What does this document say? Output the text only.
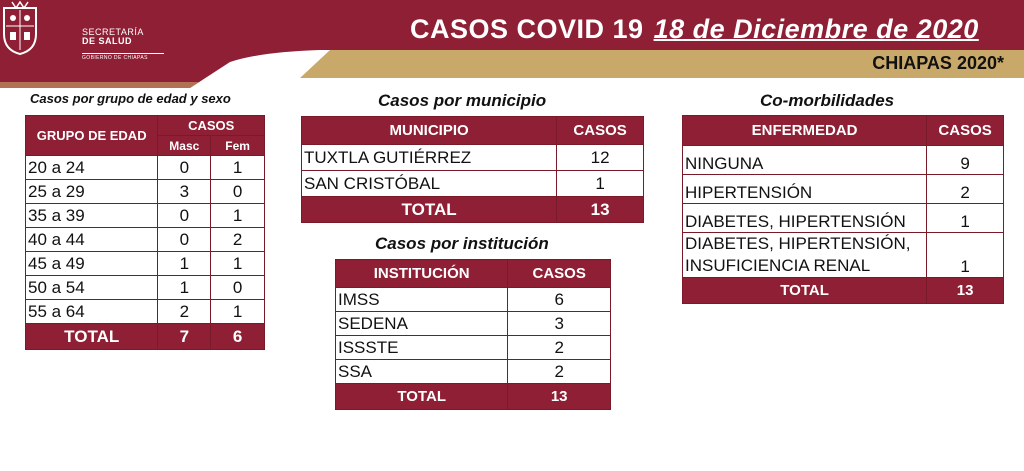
SECRETARÍA
DE SALUD
GOBIERNO DE CHIAPAS
CASOS COVID 19 18 de Diciembre de 2020
CHIAPAS 2020*
Casos por grupo de edad y sexo
GRUPO DE EDAD	CASOS	
	Masc	Fem
20 a 24	0	1
25 a 29	3	0
35 a 39	0	1
40 a 44	0	2
45 a 49	1	1
50 a 54	1	0
55 a 64	2	1
TOTAL	7	6
Casos por municipio
MUNICIPIO	CASOS
TUXTLA GUTIÉRREZ	12
SAN CRISTÓBAL	1
TOTAL	13
Casos por institución
INSTITUCIÓN	CASOS
IMSS	6
SEDENA	3
ISSSTE	2
SSA	2
TOTAL	13
Co-morbilidades
ENFERMEDAD	CASOS
NINGUNA	9
HIPERTENSIÓN	2
DIABETES, HIPERTENSIÓN	1

DIABETES, HIPERTENSIÓN,
INSUFICIENCIA RENAL	1
TOTAL	13
